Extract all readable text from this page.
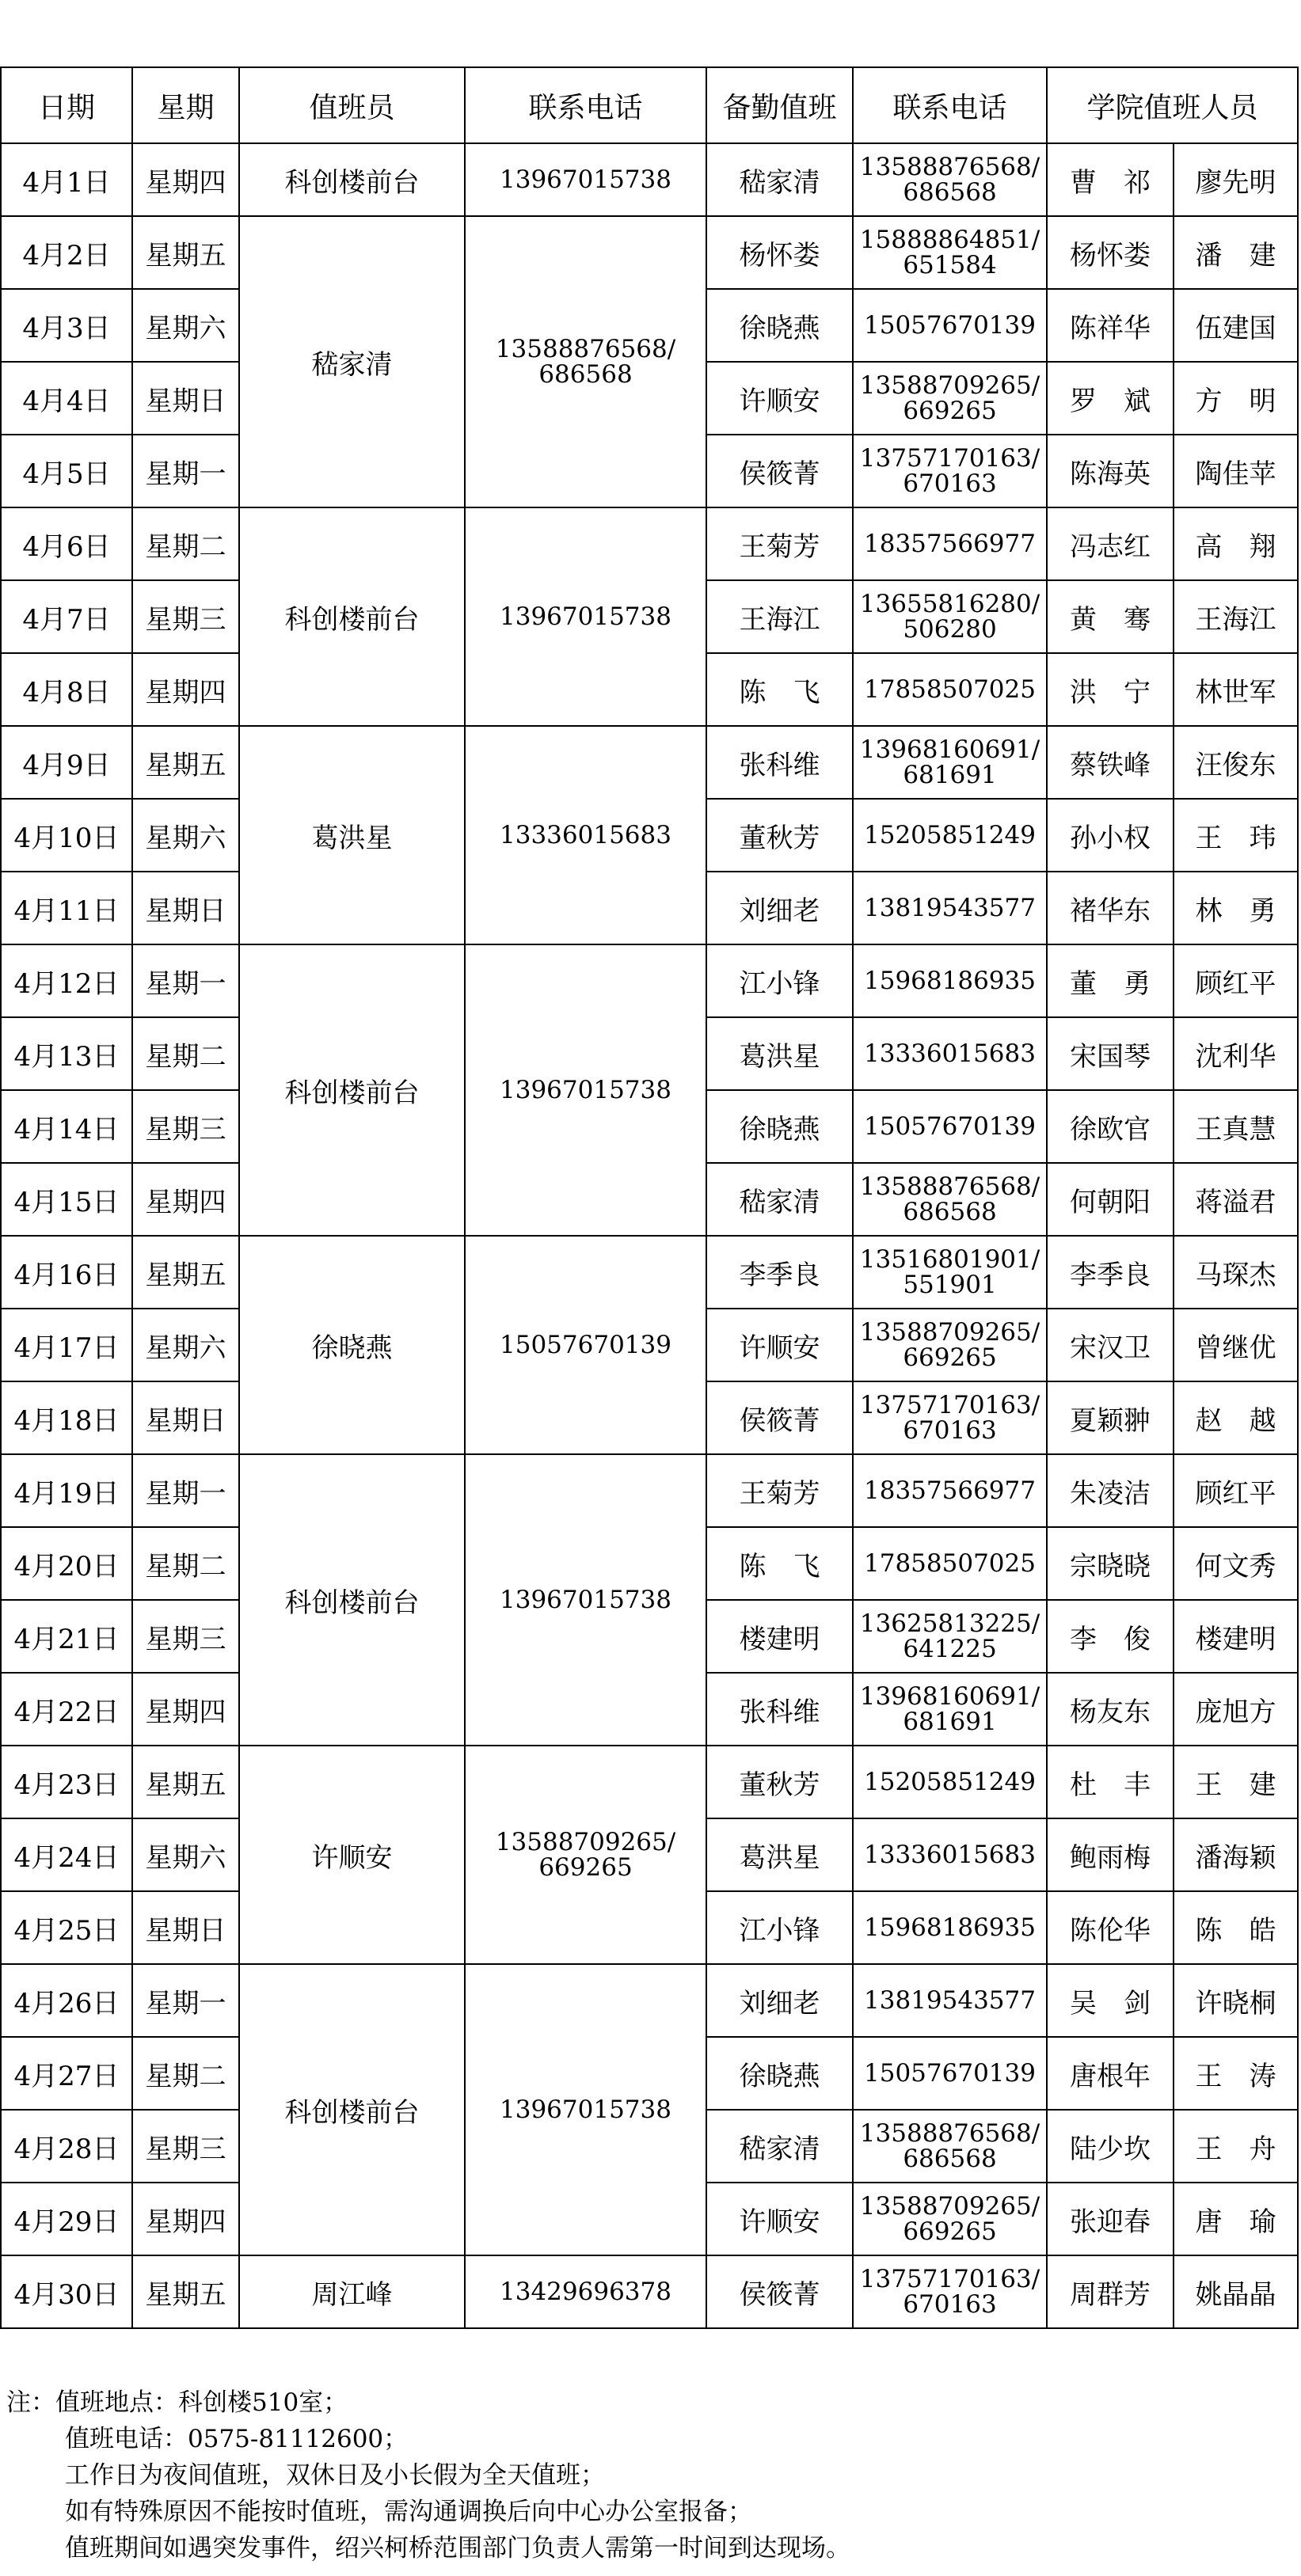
日期	星期	值班员	联系电话	备勤值班	联系电话	学院值班人员	
4月1日	星期四	科创楼前台	13967015738	嵇家清	13588876568/
686568	曹　祁	廖先明
4月2日	星期五	嵇家清	13588876568/
686568	杨怀娄	15888864851/
651584	杨怀娄	潘　建
4月3日	星期六			徐晓燕	15057670139	陈祥华	伍建国
4月4日	星期日			许顺安	13588709265/
669265	罗　斌	方　明
4月5日	星期一			侯筱菁	13757170163/
670163	陈海英	陶佳苹
4月6日	星期二	科创楼前台	13967015738	王菊芳	18357566977	冯志红	高　翔
4月7日	星期三			王海江	13655816280/
506280	黄　骞	王海江
4月8日	星期四			陈　飞	17858507025	洪　宁	林世军
4月9日	星期五	葛洪星	13336015683	张科维	13968160691/
681691	蔡铁峰	汪俊东
4月10日	星期六			董秋芳	15205851249	孙小权	王　玮
4月11日	星期日			刘细老	13819543577	褚华东	林　勇
4月12日	星期一	科创楼前台	13967015738	江小锋	15968186935	董　勇	顾红平
4月13日	星期二			葛洪星	13336015683	宋国琴	沈利华
4月14日	星期三			徐晓燕	15057670139	徐欧官	王真慧
4月15日	星期四			嵇家清	13588876568/
686568	何朝阳	蒋溢君
4月16日	星期五	徐晓燕	15057670139	李季良	13516801901/
551901	李季良	马琛杰
4月17日	星期六			许顺安	13588709265/
669265	宋汉卫	曾继优
4月18日	星期日			侯筱菁	13757170163/
670163	夏颖翀	赵　越
4月19日	星期一	科创楼前台	13967015738	王菊芳	18357566977	朱凌洁	顾红平
4月20日	星期二			陈　飞	17858507025	宗晓晓	何文秀
4月21日	星期三			楼建明	13625813225/
641225	李　俊	楼建明
4月22日	星期四			张科维	13968160691/
681691	杨友东	庞旭方
4月23日	星期五	许顺安	13588709265/
669265	董秋芳	15205851249	杜　丰	王　建
4月24日	星期六			葛洪星	13336015683	鲍雨梅	潘海颖
4月25日	星期日			江小锋	15968186935	陈伦华	陈　皓
4月26日	星期一	科创楼前台	13967015738	刘细老	13819543577	吴　剑	许晓桐
4月27日	星期二			徐晓燕	15057670139	唐根年	王　涛
4月28日	星期三			嵇家清	13588876568/
686568	陆少坎	王　舟
4月29日	星期四			许顺安	13588709265/
669265	张迎春	唐　瑜
4月30日	星期五	周江峰	13429696378	侯筱菁	13757170163/
670163	周群芳	姚晶晶
注：值班地点：科创楼510室；
值班电话：0575-81112600；
工作日为夜间值班，双休日及小长假为全天值班；
如有特殊原因不能按时值班，需沟通调换后向中心办公室报备；
值班期间如遇突发事件，绍兴柯桥范围部门负责人需第一时间到达现场。
